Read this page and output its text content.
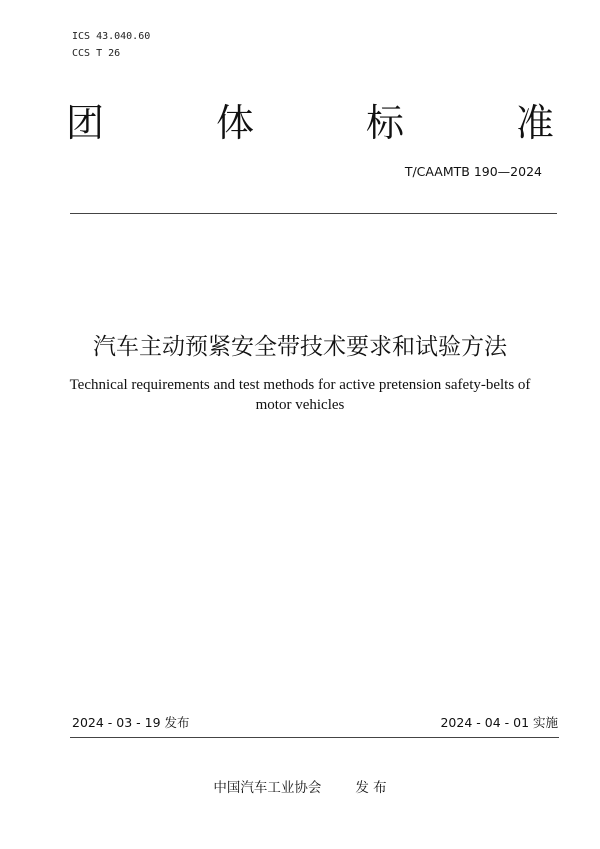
ICS 43.040.60
CCS T 26
团	体	标	准
T/CAAMTB 190—2024
汽车主动预紧安全带技术要求和试验方法
Technical requirements and test methods for active pretension safety-belts of motor vehicles
2024 - 03 - 19 发布	2024 - 04 - 01 实施
中国汽车工业协会	发 布
